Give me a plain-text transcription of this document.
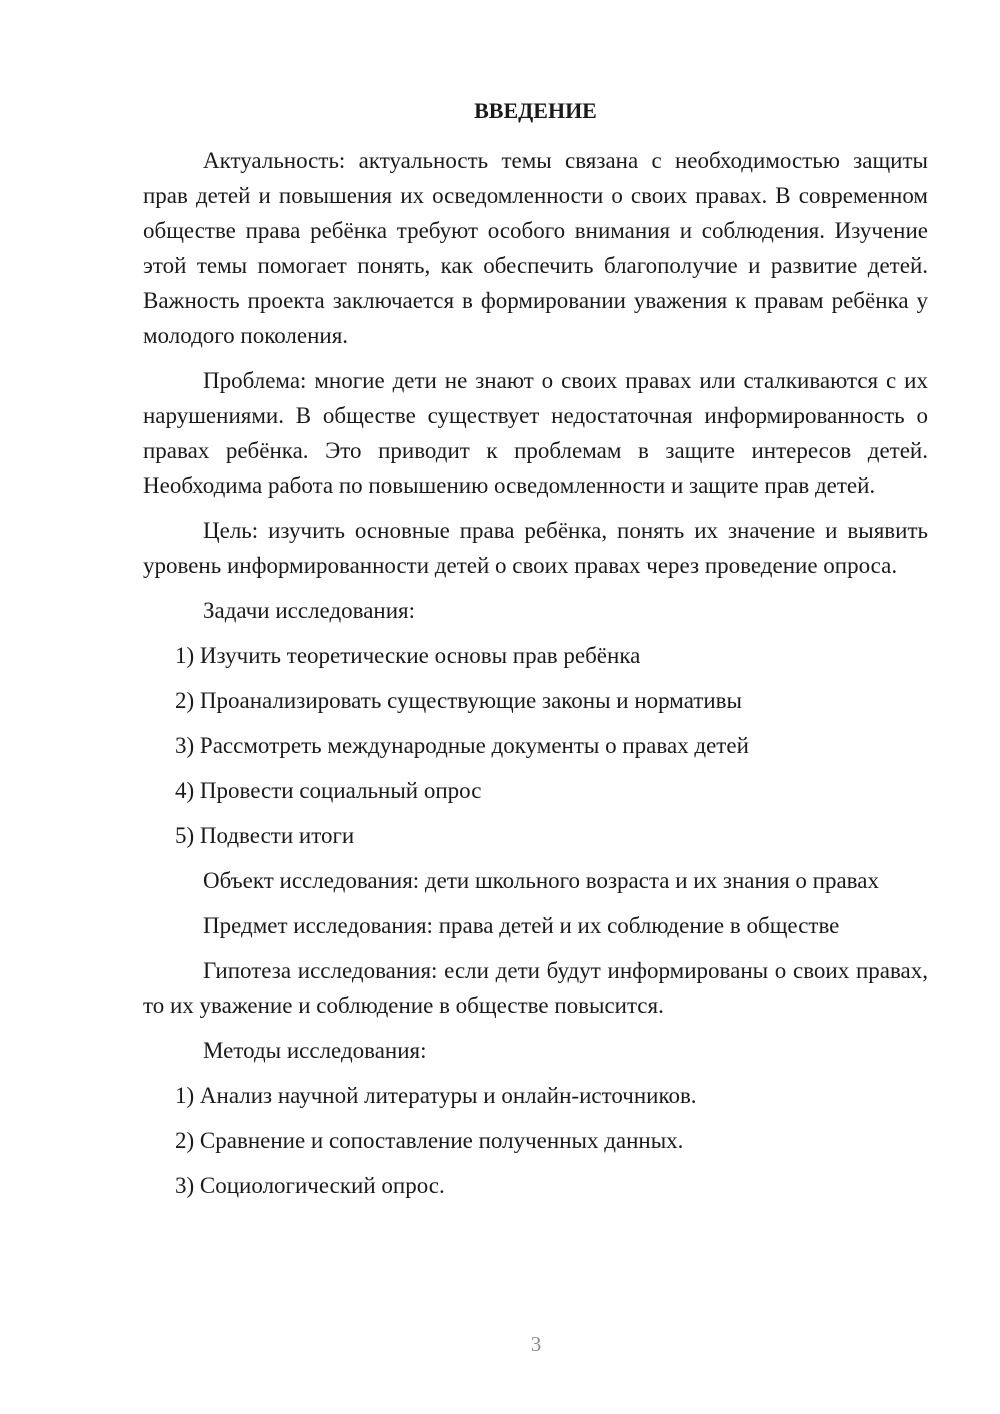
ВВЕДЕНИЕ

Актуальность: актуальность темы связана с необходимостью защиты прав детей и повышения их осведомленности о своих правах. В современном обществе права ребёнка требуют особого внимания и соблюдения. Изучение этой темы помогает понять, как обеспечить благополучие и развитие детей. Важность проекта заключается в формировании уважения к правам ребёнка у молодого поколения.

Проблема: многие дети не знают о своих правах или сталкиваются с их нарушениями. В обществе существует недостаточная информированность о правах ребёнка. Это приводит к проблемам в защите интересов детей. Необходима работа по повышению осведомленности и защите прав детей.

Цель: изучить основные права ребёнка, понять их значение и выявить уровень информированности детей о своих правах через проведение опроса.

Задачи исследования:

1) Изучить теоретические основы прав ребёнка

2) Проанализировать существующие законы и нормативы

3) Рассмотреть международные документы о правах детей

4) Провести социальный опрос

5) Подвести итоги

Объект исследования: дети школьного возраста и их знания о правах

Предмет исследования: права детей и их соблюдение в обществе

Гипотеза исследования: если дети будут информированы о своих правах, то их уважение и соблюдение в обществе повысится.

Методы исследования:

1) Анализ научной литературы и онлайн-источников.

2) Сравнение и сопоставление полученных данных.

3) Социологический опрос.

3
